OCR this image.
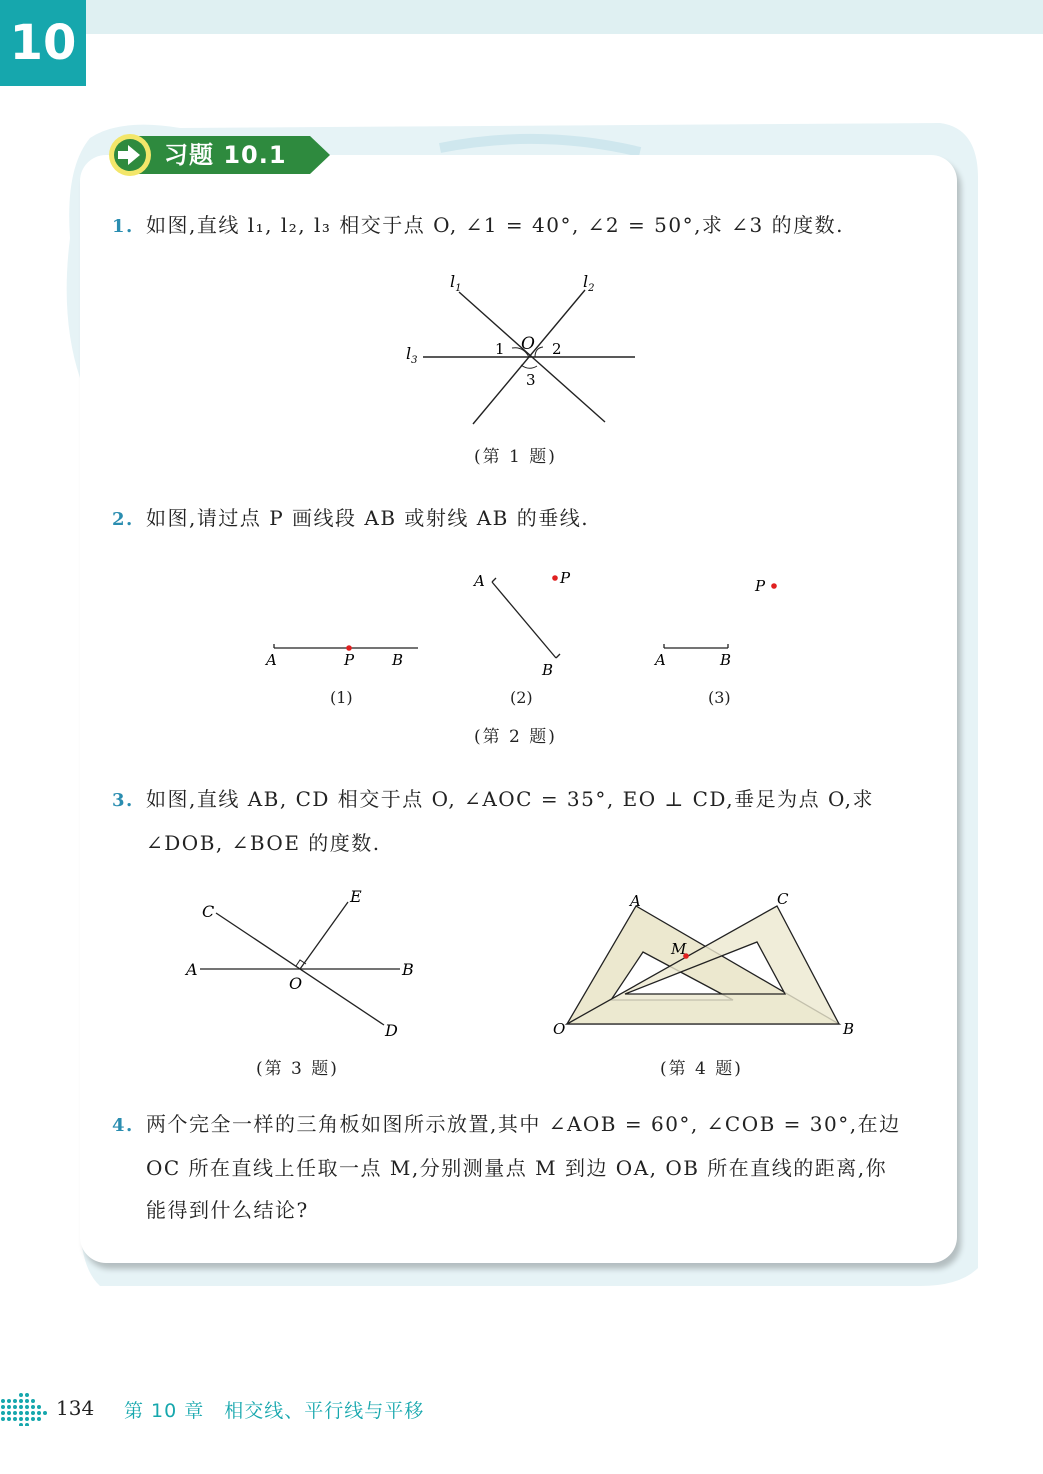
10
习题 10.1
1. 如图,直线 l₁, l₂, l₃ 相交于点 O, ∠1 = 40°, ∠2 = 50°,求 ∠3 的度数.
$l_1$	$l_2$
$l_3$
O
1	2
3
(第 1 题)
2. 如图,请过点 P 画线段 AB 或射线 AB 的垂线.
A	P	B
A	P
B
P
A	B
(1)	(2)	(3)
(第 2 题)
3. 如图,直线 AB, CD 相交于点 O, ∠AOC = 35°, EO ⊥ CD,垂足为点 O,求
∠DOB, ∠BOE 的度数.
C
E
A	B
O
D
(第 3 题)
A	C
M
O	B
(第 4 题)
4. 两个完全一样的三角板如图所示放置,其中 ∠AOB = 60°, ∠COB = 30°,在边
OC 所在直线上任取一点 M,分别测量点 M 到边 OA, OB 所在直线的距离,你
能得到什么结论?
134 第 10 章　相交线、平行线与平移
